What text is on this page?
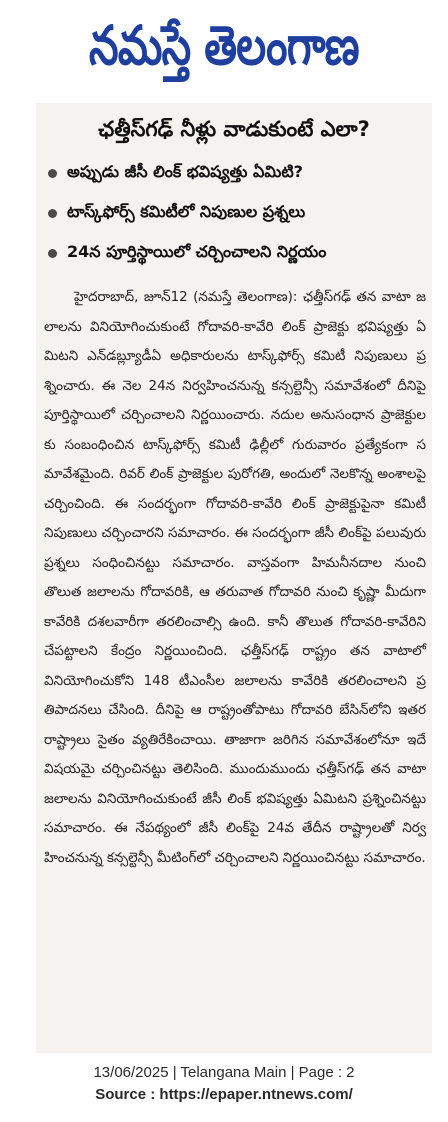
నమస్తే తెలంగాణ
ఛత్తీస్‌గఢ్ నీళ్లు వాడుకుంటే ఎలా?
అప్పుడు జీసీ లింక్ భవిష్యత్తు ఏమిటి?
టాస్క్‌ఫోర్స్ కమిటీలో నిపుణుల ప్రశ్నలు
24న పూర్తిస్థాయిలో చర్చించాలని నిర్ణయం

హైదరాబాద్, జూన్12 (నమస్తే తెలంగాణ): ఛత్తీస్‌గఢ్ తన వాటా జలాలను వినియోగించుకుంటే గోదావరి-కావేరి లింక్ ప్రాజెక్టు భవిష్యత్తు ఏమిటని ఎన్‌డబ్ల్యూడీఏ అధికారులను టాస్క్‌ఫోర్స్ కమిటీ నిపుణులు ప్రశ్నించారు. ఈ నెల 24న నిర్వహించనున్న కన్సల్టెన్సీ సమావేశంలో దీనిపై పూర్తిస్థాయిలో చర్చించాలని నిర్ణయించారు. నదుల అనుసంధాన ప్రాజెక్టులకు సంబంధించిన టాస్క్‌ఫోర్స్ కమిటీ ఢిల్లీలో గురువారం ప్రత్యేకంగా సమావేశమైంది. రివర్ లింక్ ప్రాజెక్టుల పురోగతి, అందులో నెలకొన్న అంశాలపై చర్చించింది. ఈ సందర్భంగా గోదావరి-కావేరి లింక్ ప్రాజెక్టుపైనా కమిటీ నిపుణులు చర్చించారని సమాచారం. ఈ సందర్భంగా జీసీ లింక్‌పై పలువురు ప్రశ్నలు సంధించినట్టు సమాచారం. వాస్తవంగా హిమనీనదాల నుంచి తొలుత జలాలను గోదావరికి, ఆ తరువాత గోదావరి నుంచి కృష్ణా మీదుగా కావేరికి దశలవారీగా తరలించాల్సి ఉంది. కానీ తొలుత గోదావరి-కావేరిని చేపట్టాలని కేంద్రం నిర్ణయించింది. ఛత్తీస్‌గఢ్ రాష్ట్రం తన వాటాలో వినియోగించుకోని 148 టీఎంసీల జలాలను కావేరికి తరలించాలని ప్రతిపాదనలు చేసింది. దీనిపై ఆ రాష్ట్రంతోపాటు గోదావరి బేసిన్‌లోని ఇతర రాష్ట్రాలు సైతం వ్యతిరేకించాయి. తాజాగా జరిగిన సమావేశంలోనూ ఇదే విషయమై చర్చించినట్టు తెలిసింది. ముందుముందు ఛత్తీస్‌గఢ్ తన వాటా జలాలను వినియోగించుకుంటే జీసీ లింక్ భవిష్యత్తు ఏమిటని ప్రశ్నించినట్టు సమాచారం. ఈ నేపథ్యంలో జీసీ లింక్‌పై 24వ తేదీన రాష్ట్రాలతో నిర్వహించనున్న కన్సల్టెన్సీ మీటింగ్‌లో చర్చించాలని నిర్ణయించినట్టు సమాచారం.

13/06/2025 | Telangana Main | Page : 2
Source : https://epaper.ntnews.com/
